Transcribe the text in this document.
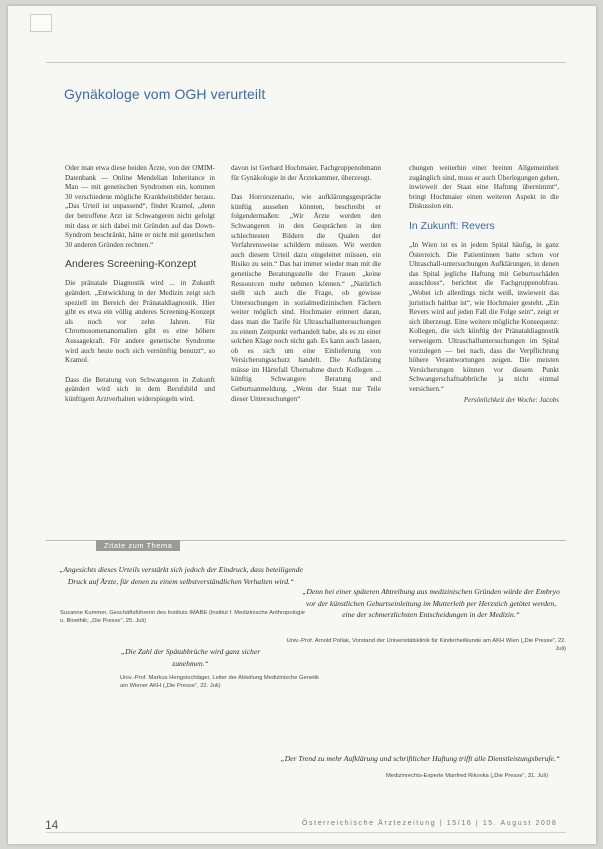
Gynäkologe vom OGH verurteilt

Oder man etwa diese beiden Ärzte, von der OMIM-Datenbank — Online Mendelian Inheritance in Man — mit genetischen Syndromen ein, kommen 30 verschiedene mögliche Krankheitsbilder heraus. „Das Urteil ist unpassend“, findet Kramol, „denn der betroffene Arzt ist Schwangeren nicht gefolgt mit dass er sich dabei mit Gründen auf das Down-Syndrom beschränkt, hätte er nicht mit genetischen 30 anderen Gründen rechnen.“

Anderes Screening-Konzept

Die pränatale Diagnostik wird ... in Zukunft geändert. „Entwicklung in der Medizin zeigt sich speziell im Bereich der Pränataldiagnostik. Hier gibt es etwa ein völlig anderes Screening-Konzept als noch vor zehn Jahren. Für Chromosomenanomalien gibt es eine höhere Aussagekraft. Für andere genetische Syndrome wird auch heute noch sich vernünftig benutzt“, so Kramol.

Dass die Beratung von Schwangeren in Zukunft geändert wird sich in dem Berufsbild und künftigem Arztverhalten widerspiegeln wird.

davon ist Gerhard Hochmaier, Fachgruppenobmann für Gynäkologie in der Ärztekammer, überzeugt.

Das Horrorszenario, wie aufklärungsgespräche künftig aussehen könnten, beschreibt er folgendermaßen: „Wir Ärzte werden den Schwangeren in den Gesprächen in den schlechtesten Bildern die Qualen der Verfahrensweise schildern müssen. Wir werden auch diesem Urteil dazu eingeleitet müssen, ein Risiko zu sein.“ Das hat immer wieder man mit die genetische Beratungsstelle der Frauen „keine Ressourcen mehr nehmen können.“ „Natürlich stellt sich auch die Frage, ob gewisse Untersuchungen in sozialmedizinischen Fächern weiter möglich sind. Hochmaier erinnert daran, dass man die Tarife für Ultraschalluntersuchungen zu einem Zeitpunkt verhandelt habe, als es zu einer solchen Klage noch nicht gab. Es kann auch lassen, ob es sich um eine Einlieferung von Versicherungsschutz handelt. Die Aufklärung müsse im Härtefall Übernahme durch Kollegen ... künftig Schwangere Beratung und Geburtsanmeldung. „Wenn der Staat nur Teile dieser Untersuchungen“

chungen weiterhin einer breiten Allgemeinheit zugänglich sind, muss er auch Überlegungen gehen, inwieweit der Staat eine Haftung übernimmt“, bringt Hochmaier einen weiteren Aspekt in die Diskussion ein.

In Zukunft: Revers

„In Wien ist es in jedem Spital häufig, in ganz Österreich. Die Patientinnen hatte schon vor Ultraschall-untersuchungen Aufklärungen, in denen das Spital jegliche Haftung mit Geburtsschäden ausschloss“, berichtet die Fachgruppenobfrau. „Wobei ich allerdings nicht weiß, inwieweit das juristisch haltbar ist“, wie Hochmaier gesteht. „Ein Revers wird auf jeden Fall die Folge sein“, zeigt er sich überzeugt. Eine weitere mögliche Konsequenz: Kollegen, die sich künftig der Pränataldiagnostik verweigern. Ultraschalluntersuchungen im Spital vorzulegen — bei nach, dass die Verpflichtung höhere Verantwortungen zeigen. Die meisten Versicherungen können vor diesem Punkt Schwangerschaftsabbrüche ja nicht einmal versichern.“

Persönlichkeit der Woche: Jacobs
Zitate zum Thema
„Angesichts dieses Urteils verstärkt sich jedoch der Eindruck, dass beteiligende Druck auf Ärzte, für denen zu einem selbstverständlichen Verhalten wird.“
Suzanne Kummer, Geschäftsführerin des Instituts IMABE (Institut f. Medizinische Anthropologie u. Bioethik; „Die Presse“, 25. Juli)
„Denn bei einer späteren Abtreibung aus medizinischen Gründen würde der Embryo vor der künstlichen Geburtseinleitung im Mutterleib per Herzstich getötet werden, eine der schmerzlichsten Entscheidungen in der Medizin.“
Univ.-Prof. Arnold Pollak, Vorstand der Universitätsklinik für Kinderheilkunde am AKH Wien („Die Presse“, 22. Juli)
„Die Zahl der Spätabbrüche wird ganz sicher zunehmen.“
Univ.-Prof. Markus Hengstschläger, Leiter der Abteilung Medizinische Genetik am Wiener AKH („Die Presse“, 22. Juli)
„Der Trend zu mehr Aufklärung und schriftlicher Haftung trifft alle Dienstleistungsberufe.“
Medizinrechts-Experte Manfred Rikovka („Die Presse“, 31. Juli)
14	Österreichische Ärztezeitung | 15/16 | 15. August 2008
